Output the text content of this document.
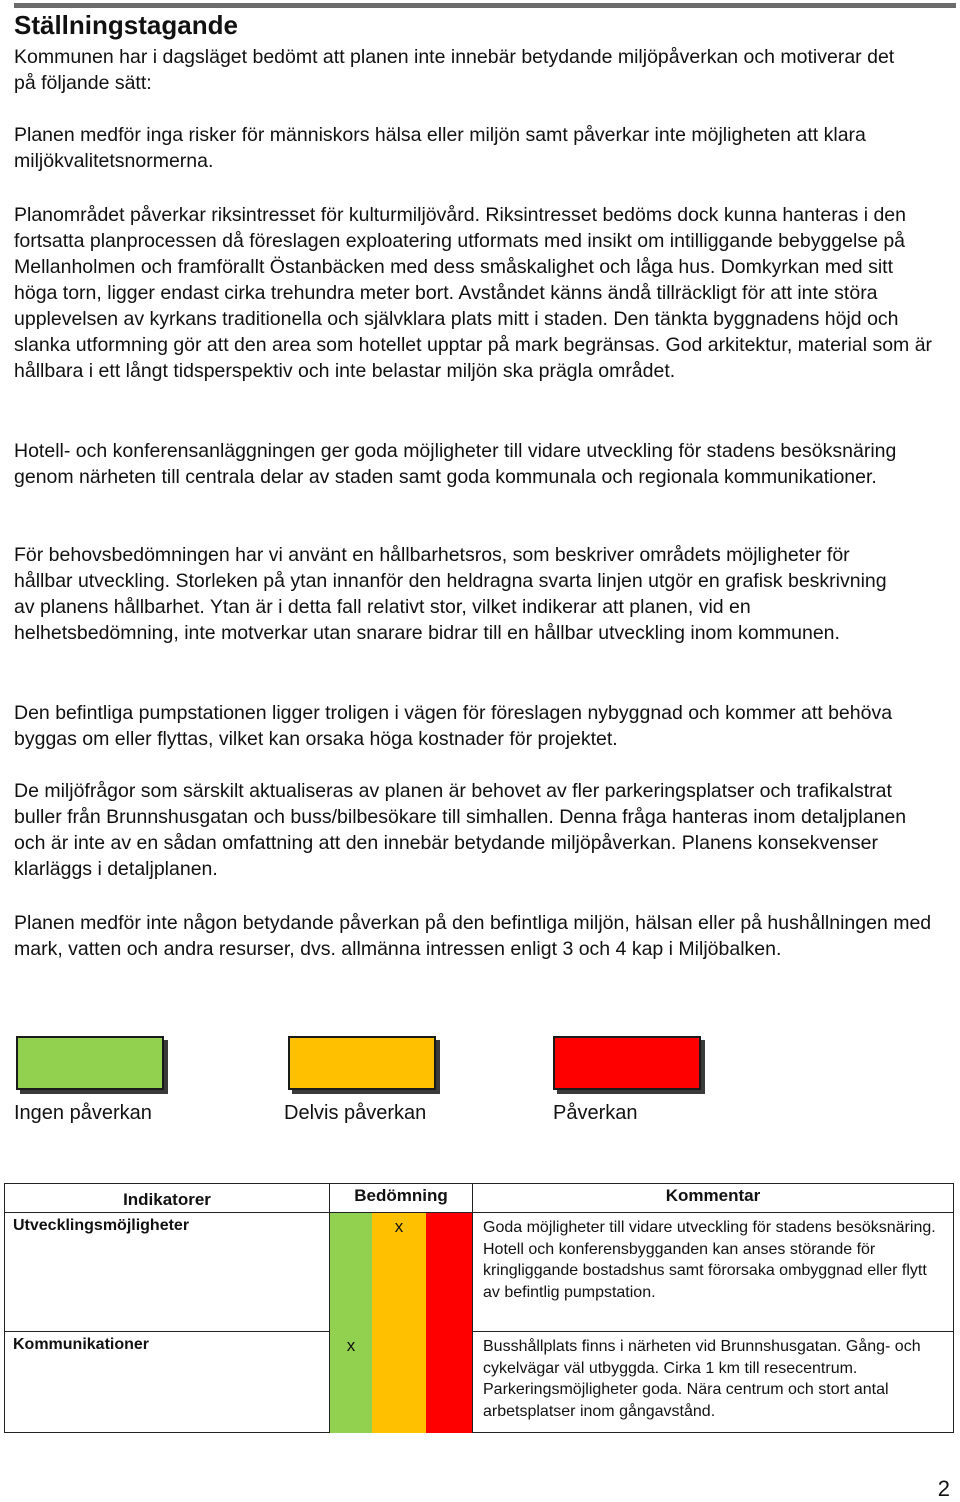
Ställningstagande

Kommunen har i dagsläget bedömt att planen inte innebär betydande miljöpåverkan och motiverar det på följande sätt:

Planen medför inga risker för människors hälsa eller miljön samt påverkar inte möjligheten att klara miljökvalitetsnormerna.

Planområdet påverkar riksintresset för kulturmiljövård. Riksintresset bedöms dock kunna hanteras i den fortsatta planprocessen då föreslagen exploatering utformats med insikt om intilliggande bebyggelse på Mellanholmen och framförallt Östanbäcken med dess småskalighet och låga hus. Domkyrkan med sitt höga torn, ligger endast cirka trehundra meter bort. Avståndet känns ändå tillräckligt för att inte störa upplevelsen av kyrkans traditionella och självklara plats mitt i staden. Den tänkta byggnadens höjd och slanka utformning gör att den area som hotellet upptar på mark begränsas. God arkitektur, material som är hållbara i ett långt tidsperspektiv och inte belastar miljön ska prägla området.

Hotell- och konferensanläggningen ger goda möjligheter till vidare utveckling för stadens besöksnäring genom närheten till centrala delar av staden samt goda kommunala och regionala kommunikationer.

För behovsbedömningen har vi använt en hållbarhetsros, som beskriver områdets möjligheter för hållbar utveckling. Storleken på ytan innanför den heldragna svarta linjen utgör en grafisk beskrivning av planens hållbarhet. Ytan är i detta fall relativt stor, vilket indikerar att planen, vid en helhetsbedömning, inte motverkar utan snarare bidrar till en hållbar utveckling inom kommunen.

Den befintliga pumpstationen ligger troligen i vägen för föreslagen nybyggnad och kommer att behöva byggas om eller flyttas, vilket kan orsaka höga kostnader för projektet.

De miljöfrågor som särskilt aktualiseras av planen är behovet av fler parkeringsplatser och trafikalstrat buller från Brunnshusgatan och buss/bilbesökare till simhallen. Denna fråga hanteras inom detaljplanen och är inte av en sådan omfattning att den innebär betydande miljöpåverkan. Planens konsekvenser klarläggs i detaljplanen.

Planen medför inte någon betydande påverkan på den befintliga miljön, hälsan eller på hushållningen med mark, vatten och andra resurser, dvs. allmänna intressen enligt 3 och 4 kap i Miljöbalken.

Ingen påverkan	Delvis påverkan	Påverkan
Indikatorer	Bedömning			Kommentar
Utvecklingsmöjligheter		x		Goda möjligheter till vidare utveckling för stadens besöksnäring. Hotell och konferensbygganden kan anses störande för kringliggande bostadshus samt förorsaka ombyggnad eller flytt av befintlig pumpstation.
Kommunikationer	x			Busshållplats finns i närheten vid Brunnshusgatan. Gång- och cykelvägar väl utbyggda. Cirka 1 km till resecentrum. Parkeringsmöjligheter goda. Nära centrum och stort antal arbetsplatser inom gångavstånd.
2
